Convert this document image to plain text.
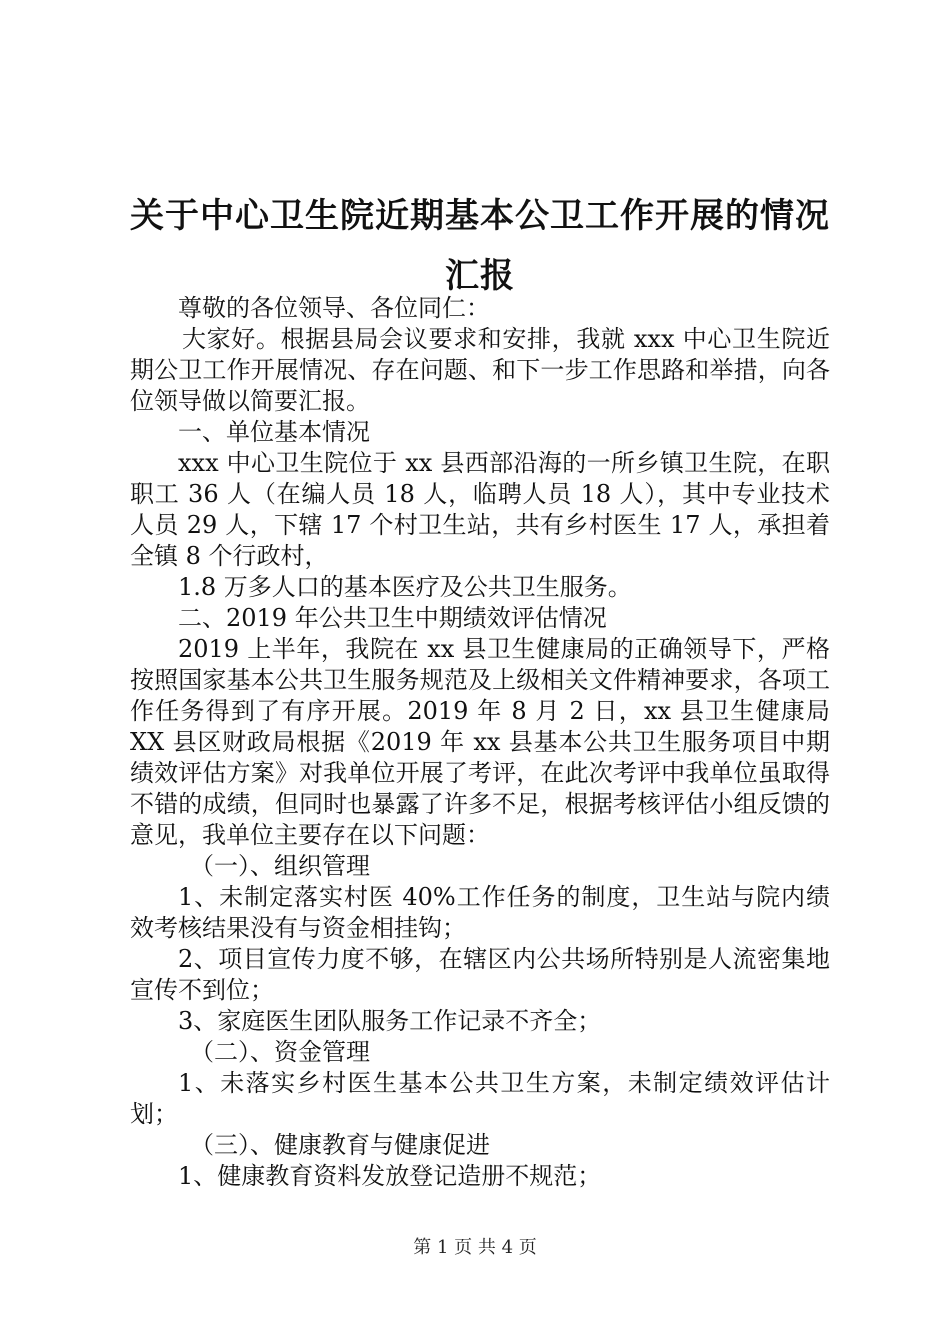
关于中心卫生院近期基本公卫工作开展的情况
汇报

尊敬的各位领导、各位同仁：

大家好。根据县局会议要求和安排，我就 xxx 中心卫生院近期公卫工作开展情况、存在问题、和下一步工作思路和举措，向各位领导做以简要汇报。

一、单位基本情况

xxx 中心卫生院位于 xx 县西部沿海的一所乡镇卫生院，在职职工 36 人（在编人员 18 人，临聘人员 18 人），其中专业技术人员 29 人，下辖 17 个村卫生站，共有乡村医生 17 人，承担着全镇 8 个行政村，

1.8 万多人口的基本医疗及公共卫生服务。

二、2019 年公共卫生中期绩效评估情况

2019 上半年，我院在 xx 县卫生健康局的正确领导下，严格按照国家基本公共卫生服务规范及上级相关文件精神要求，各项工作任务得到了有序开展。2019 年 8 月 2 日，xx 县卫生健康局 XX 县区财政局根据《2019 年 xx 县基本公共卫生服务项目中期绩效评估方案》对我单位开展了考评，在此次考评中我单位虽取得不错的成绩，但同时也暴露了许多不足，根据考核评估小组反馈的意见，我单位主要存在以下问题：

（一）、组织管理

1、未制定落实村医 40%工作任务的制度，卫生站与院内绩效考核结果没有与资金相挂钩；

2、项目宣传力度不够，在辖区内公共场所特别是人流密集地宣传不到位；

3、家庭医生团队服务工作记录不齐全；

（二）、资金管理

1、未落实乡村医生基本公共卫生方案，未制定绩效评估计划；

（三）、健康教育与健康促进

1、健康教育资料发放登记造册不规范；

第 1 页 共 4 页
